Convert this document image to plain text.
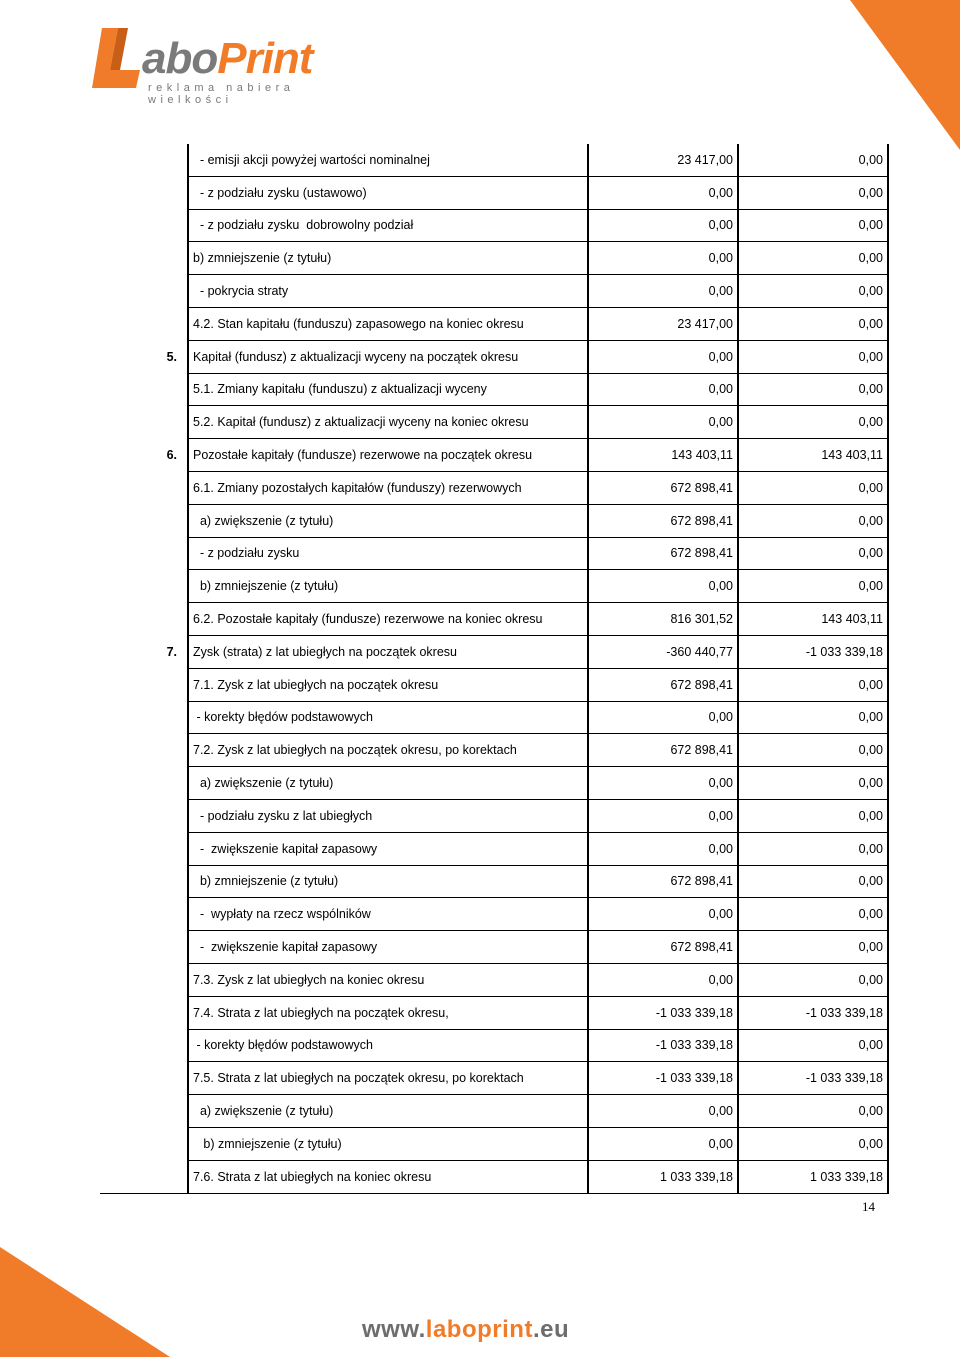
aboPrint
reklama nabiera wielkości
	- emisji akcji powyżej wartości nominalnej	23 417,00	0,00
	- z podziału zysku (ustawowo)	0,00	0,00
	- z podziału zysku  dobrowolny podział	0,00	0,00
	b) zmniejszenie (z tytułu)	0,00	0,00
	- pokrycia straty	0,00	0,00
	4.2. Stan kapitału (funduszu) zapasowego na koniec okresu	23 417,00	0,00
5.	Kapitał (fundusz) z aktualizacji wyceny na początek okresu	0,00	0,00
	5.1. Zmiany kapitału (funduszu) z aktualizacji wyceny	0,00	0,00
	5.2. Kapitał (fundusz) z aktualizacji wyceny na koniec okresu	0,00	0,00
6.	Pozostałe kapitały (fundusze) rezerwowe na początek okresu	143 403,11	143 403,11
	6.1. Zmiany pozostałych kapitałów (funduszy) rezerwowych	672 898,41	0,00
	a) zwiększenie (z tytułu)	672 898,41	0,00
	- z podziału zysku	672 898,41	0,00
	b) zmniejszenie (z tytułu)	0,00	0,00
	6.2. Pozostałe kapitały (fundusze) rezerwowe na koniec okresu	816 301,52	143 403,11
7.	Zysk (strata) z lat ubiegłych na początek okresu	-360 440,77	-1 033 339,18
	7.1. Zysk z lat ubiegłych na początek okresu	672 898,41	0,00
	- korekty błędów podstawowych	0,00	0,00
	7.2. Zysk z lat ubiegłych na początek okresu, po korektach	672 898,41	0,00
	a) zwiększenie (z tytułu)	0,00	0,00
	- podziału zysku z lat ubiegłych	0,00	0,00
	-  zwiększenie kapitał zapasowy	0,00	0,00
	b) zmniejszenie (z tytułu)	672 898,41	0,00
	-  wypłaty na rzecz wspólników	0,00	0,00
	-  zwiększenie kapitał zapasowy	672 898,41	0,00
	7.3. Zysk z lat ubiegłych na koniec okresu	0,00	0,00
	7.4. Strata z lat ubiegłych na początek okresu,	-1 033 339,18	-1 033 339,18
	- korekty błędów podstawowych	-1 033 339,18	0,00
	7.5. Strata z lat ubiegłych na początek okresu, po korektach	-1 033 339,18	-1 033 339,18
	a) zwiększenie (z tytułu)	0,00	0,00
	b) zmniejszenie (z tytułu)	0,00	0,00
	7.6. Strata z lat ubiegłych na koniec okresu	1 033 339,18	1 033 339,18
14
www.laboprint.eu
